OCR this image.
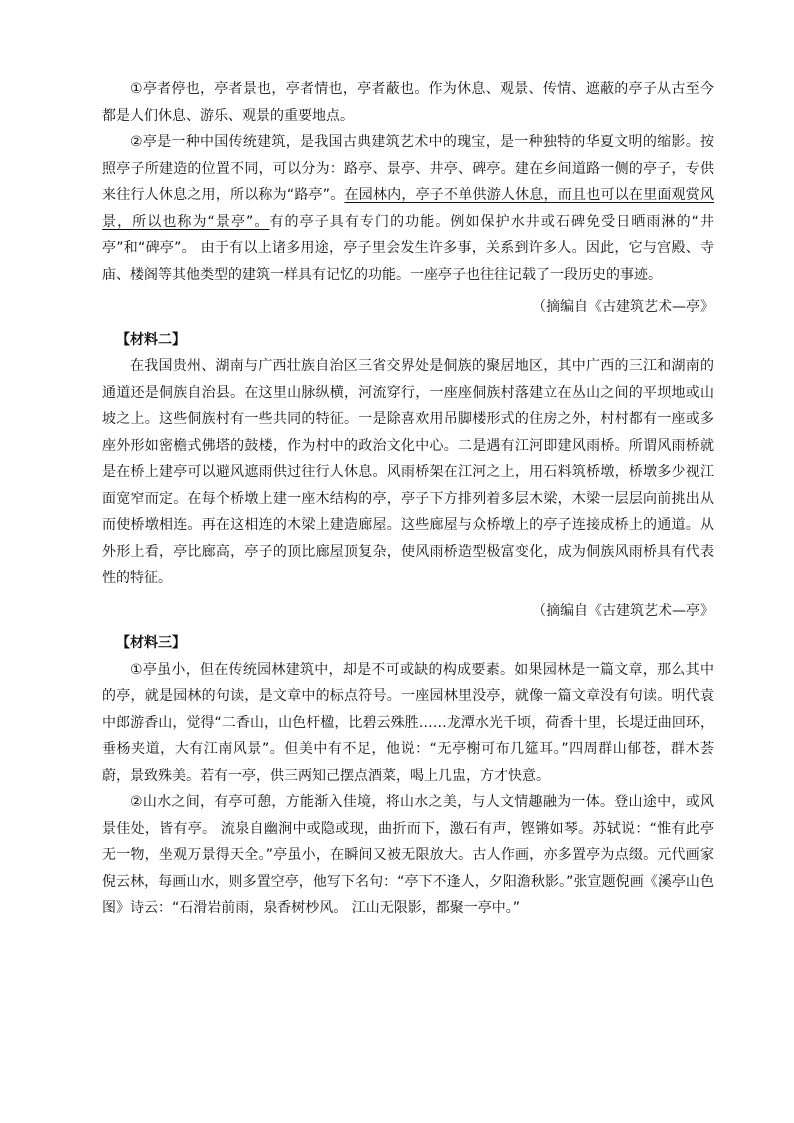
①亭者停也，亭者景也，亭者情也，亭者蔽也。作为休息、观景、传情、遮蔽的亭子从古至今都是人们休息、游乐、观景的重要地点。

②亭是一种中国传统建筑，是我国古典建筑艺术中的瑰宝，是一种独特的华夏文明的缩影。按照亭子所建造的位置不同，可以分为：路亭、景亭、井亭、碑亭。建在乡间道路一侧的亭子，专供来往行人休息之用，所以称为“路亭”。在园林内，亭子不单供游人休息，而且也可以在里面观赏风景，所以也称为“景亭”。有的亭子具有专门的功能。例如保护水井或石碑免受日晒雨淋的“井亭”和“碑亭”。 由于有以上诸多用途，亭子里会发生许多事，关系到许多人。因此，它与宫殿、寺庙、楼阁等其他类型的建筑一样具有记忆的功能。一座亭子也往往记载了一段历史的事迹。

（摘编自《古建筑艺术—亭》

【材料二】

在我国贵州、湖南与广西壮族自治区三省交界处是侗族的聚居地区，其中广西的三江和湖南的通道还是侗族自治县。在这里山脉纵横，河流穿行，一座座侗族村落建立在丛山之间的平坝地或山坡之上。这些侗族村有一些共同的特征。一是除喜欢用吊脚楼形式的住房之外，村村都有一座或多座外形如密檐式佛塔的鼓楼，作为村中的政治文化中心。二是遇有江河即建风雨桥。所谓风雨桥就是在桥上建亭可以避风遮雨供过往行人休息。风雨桥架在江河之上，用石料筑桥墩，桥墩多少视江面宽窄而定。在每个桥墩上建一座木结构的亭，亭子下方排列着多层木梁，木梁一层层向前挑出从而使桥墩相连。再在这相连的木梁上建造廊屋。这些廊屋与众桥墩上的亭子连接成桥上的通道。从外形上看，亭比廊高，亭子的顶比廊屋顶复杂，使风雨桥造型极富变化，成为侗族风雨桥具有代表性的特征。

（摘编自《古建筑艺术—亭》

【材料三】

①亭虽小，但在传统园林建筑中，却是不可或缺的构成要素。如果园林是一篇文章，那么其中的亭，就是园林的句读，是文章中的标点符号。一座园林里没亭，就像一篇文章没有句读。明代袁中郎游香山，觉得“二香山，山色杆楹，比碧云殊胜……龙潭水光千顷，荷香十里，长堤迂曲回环，垂杨夹道，大有江南风景”。但美中有不足，他说：“无亭榭可布几筵耳。”四周群山郁苍，群木荟蔚，景致殊美。若有一亭，供三两知己摆点酒菜，喝上几盅，方才快意。

②山水之间，有亭可憩，方能渐入佳境，将山水之美，与人文情趣融为一体。登山途中，或风景佳处，皆有亭。 流泉自幽涧中或隐或现，曲折而下，激石有声，铿锵如琴。苏轼说：“惟有此亭无一物，坐观万景得天全。”亭虽小，在瞬间又被无限放大。古人作画，亦多置亭为点缀。元代画家倪云林，每画山水，则多置空亭，他写下名句：“亭下不逢人，夕阳澹秋影。”张宣题倪画《溪亭山色图》诗云：“石滑岩前雨，泉香树杪风。 江山无限影，都聚一亭中。”
